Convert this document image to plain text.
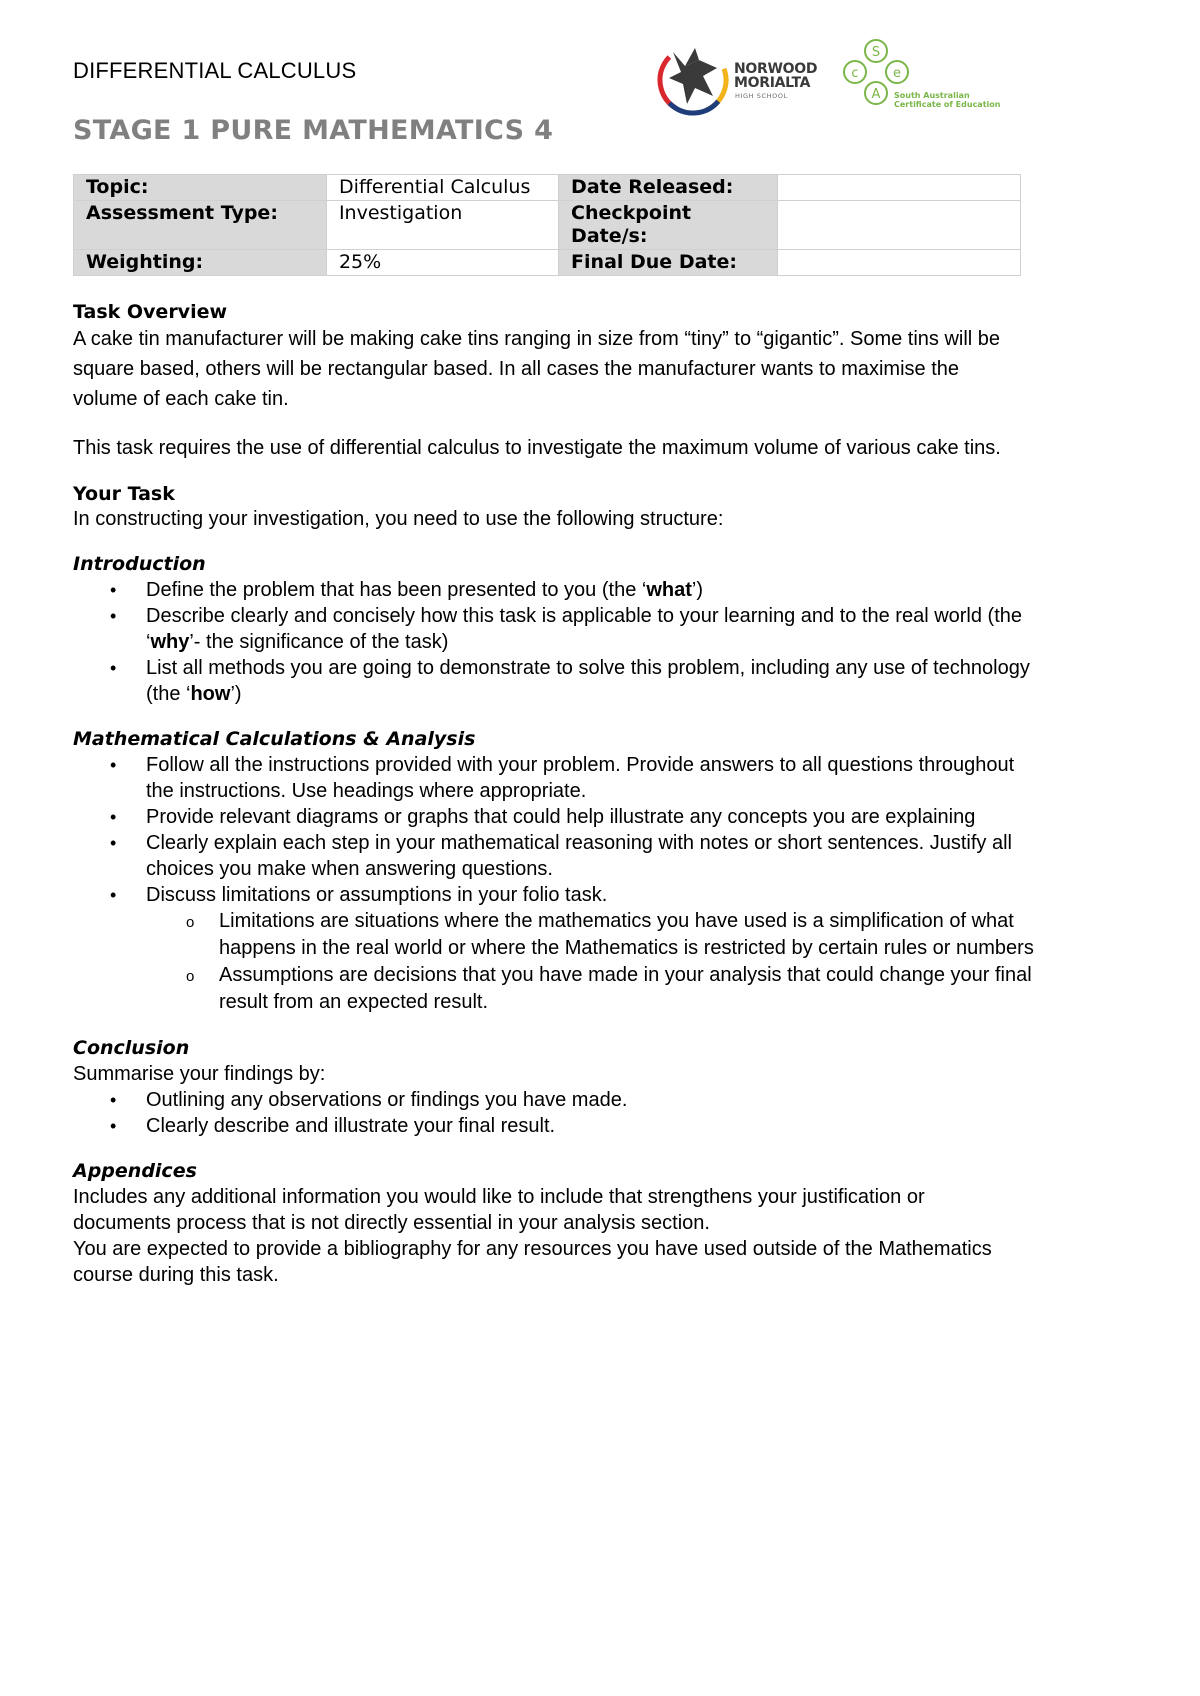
DIFFERENTIAL CALCULUS
STAGE 1 PURE MATHEMATICS 4
NORWOOD
MORIALTA
HIGH SCHOOL
S
c	e
A South Australian
Certificate of Education
Topic:	Differential Calculus	Date Released:	
Assessment Type:	Investigation	Checkpoint
Date/s:	

Weighting:	25%	Final Due Date:	
Task Overview

A cake tin manufacturer will be making cake tins ranging in size from “tiny” to “gigantic”. Some tins will be
square based, others will be rectangular based. In all cases the manufacturer wants to maximise the
volume of each cake tin.

This task requires the use of differential calculus to investigate the maximum volume of various cake tins.

Your Task

In constructing your investigation, you need to use the following structure:

Introduction
• Define the problem that has been presented to you (the ‘what’)
• Describe clearly and concisely how this task is applicable to your learning and to the real world (the
‘why’- the significance of the task)
• List all methods you are going to demonstrate to solve this problem, including any use of technology
(the ‘how’)
Mathematical Calculations & Analysis
• Follow all the instructions provided with your problem. Provide answers to all questions throughout
the instructions. Use headings where appropriate.
• Provide relevant diagrams or graphs that could help illustrate any concepts you are explaining
• Clearly explain each step in your mathematical reasoning with notes or short sentences. Justify all
choices you make when answering questions.
• Discuss limitations or assumptions in your folio task.
o Limitations are situations where the mathematics you have used is a simplification of what
happens in the real world or where the Mathematics is restricted by certain rules or numbers
o Assumptions are decisions that you have made in your analysis that could change your final
result from an expected result.
Conclusion

Summarise your findings by:

• Outlining any observations or findings you have made.
• Clearly describe and illustrate your final result.
Appendices

Includes any additional information you would like to include that strengthens your justification or
documents process that is not directly essential in your analysis section.
You are expected to provide a bibliography for any resources you have used outside of the Mathematics
course during this task.
